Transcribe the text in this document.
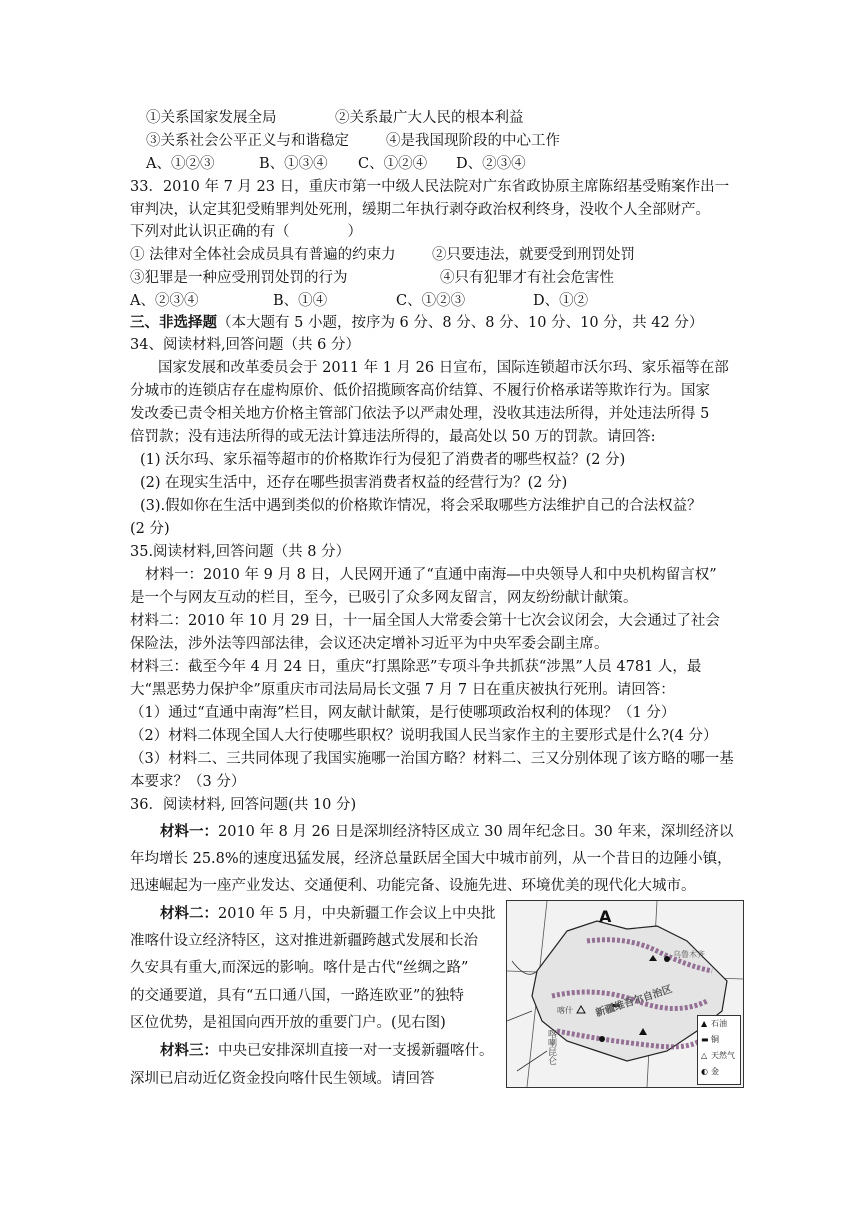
①关系国家发展全局	②关系最广大人民的根本利益
③关系社会公平正义与和谐稳定	④是我国现阶段的中心工作
A、①②③	B、①③④ C、①②④ D、②③④
33．2010 年 7 月 23 日，重庆市第一中级人民法院对广东省政协原主席陈绍基受贿案作出一
审判决，认定其犯受贿罪判处死刑，缓期二年执行剥夺政治权利终身，没收个人全部财产。
下列对此认识正确的有（　　　　）
① 法律对全体社会成员具有普遍的约束力	②只要违法，就要受到刑罚处罚
③犯罪是一种应受刑罚处罚的行为	④只有犯罪才有社会危害性
A、②③④	B、①④	C、①②③	D、①②
三、非选择题（本大题有 5 小题，按序为 6 分、8 分、8 分、10 分、10 分，共 42 分）
34、阅读材料,回答问题（共 6 分）
国家发展和改革委员会于 2011 年 1 月 26 日宣布，国际连锁超市沃尔玛、家乐福等在部
分城市的连锁店存在虚构原价、低价招揽顾客高价结算、不履行价格承诺等欺诈行为。国家
发改委已责令相关地方价格主管部门依法予以严肃处理，没收其违法所得，并处违法所得 5
倍罚款；没有违法所得的或无法计算违法所得的，最高处以 50 万的罚款。请回答:
(1) 沃尔玛、家乐福等超市的价格欺诈行为侵犯了消费者的哪些权益？(2 分)
(2) 在现实生活中，还存在哪些损害消费者权益的经营行为？(2 分)
(3).假如你在生活中遇到类似的价格欺诈情况，将会采取哪些方法维护自己的合法权益？
(2 分)
35.阅读材料,回答问题（共 8 分）
材料一：2010 年 9 月 8 日，人民网开通了“直通中南海—中央领导人和中央机构留言权”
是一个与网友互动的栏目，至今，已吸引了众多网友留言，网友纷纷献计献策。
材料二：2010 年 10 月 29 日，十一届全国人大常委会第十七次会议闭会，大会通过了社会
保险法，涉外法等四部法律，会议还决定增补习近平为中央军委会副主席。
材料三：截至今年 4 月 24 日，重庆“打黑除恶”专项斗争共抓获“涉黑”人员 4781 人，最
大“黑恶势力保护伞”原重庆市司法局局长文强 7 月 7 日在重庆被执行死刑。请回答：
（1）通过“直通中南海”栏目，网友献计献策，是行使哪项政治权利的体现？（1 分）
（2）材料二体现全国人大行使哪些职权？说明我国人民当家作主的主要形式是什么?(4 分）
（3）材料二、三共同体现了我国实施哪一治国方略？材料二、三又分别体现了该方略的哪一基
本要求？（3 分）
36．阅读材料, 回答问题(共 10 分)
材料一：2010 年 8 月 26 日是深圳经济特区成立 30 周年纪念日。30 年来，深圳经济以
年均增长 25.8%的速度迅猛发展，经济总量跃居全国大中城市前列，从一个昔日的边陲小镇，
迅速崛起为一座产业发达、交通便利、功能完备、设施先进、环境优美的现代化大城市。
材料二：2010 年 5 月，中央新疆工作会议上中央批
准喀什设立经济特区，这对推进新疆跨越式发展和长治
久安具有重大,而深远的影响。喀什是古代“丝绸之路”
的交通要道，具有“五口通八国，一路连欧亚”的独特
区位优势，是祖国向西开放的重要门户。(见右图)
材料三：中央已安排深圳直接一对一支援新疆喀什。
深圳已启动近亿资金投向喀什民生领域。请回答
A
乌鲁木齐
新疆维吾尔自治区
喀什
喀喇昆仑
▲ 石油
▬ 铜
△ 天然气
◐ 金
